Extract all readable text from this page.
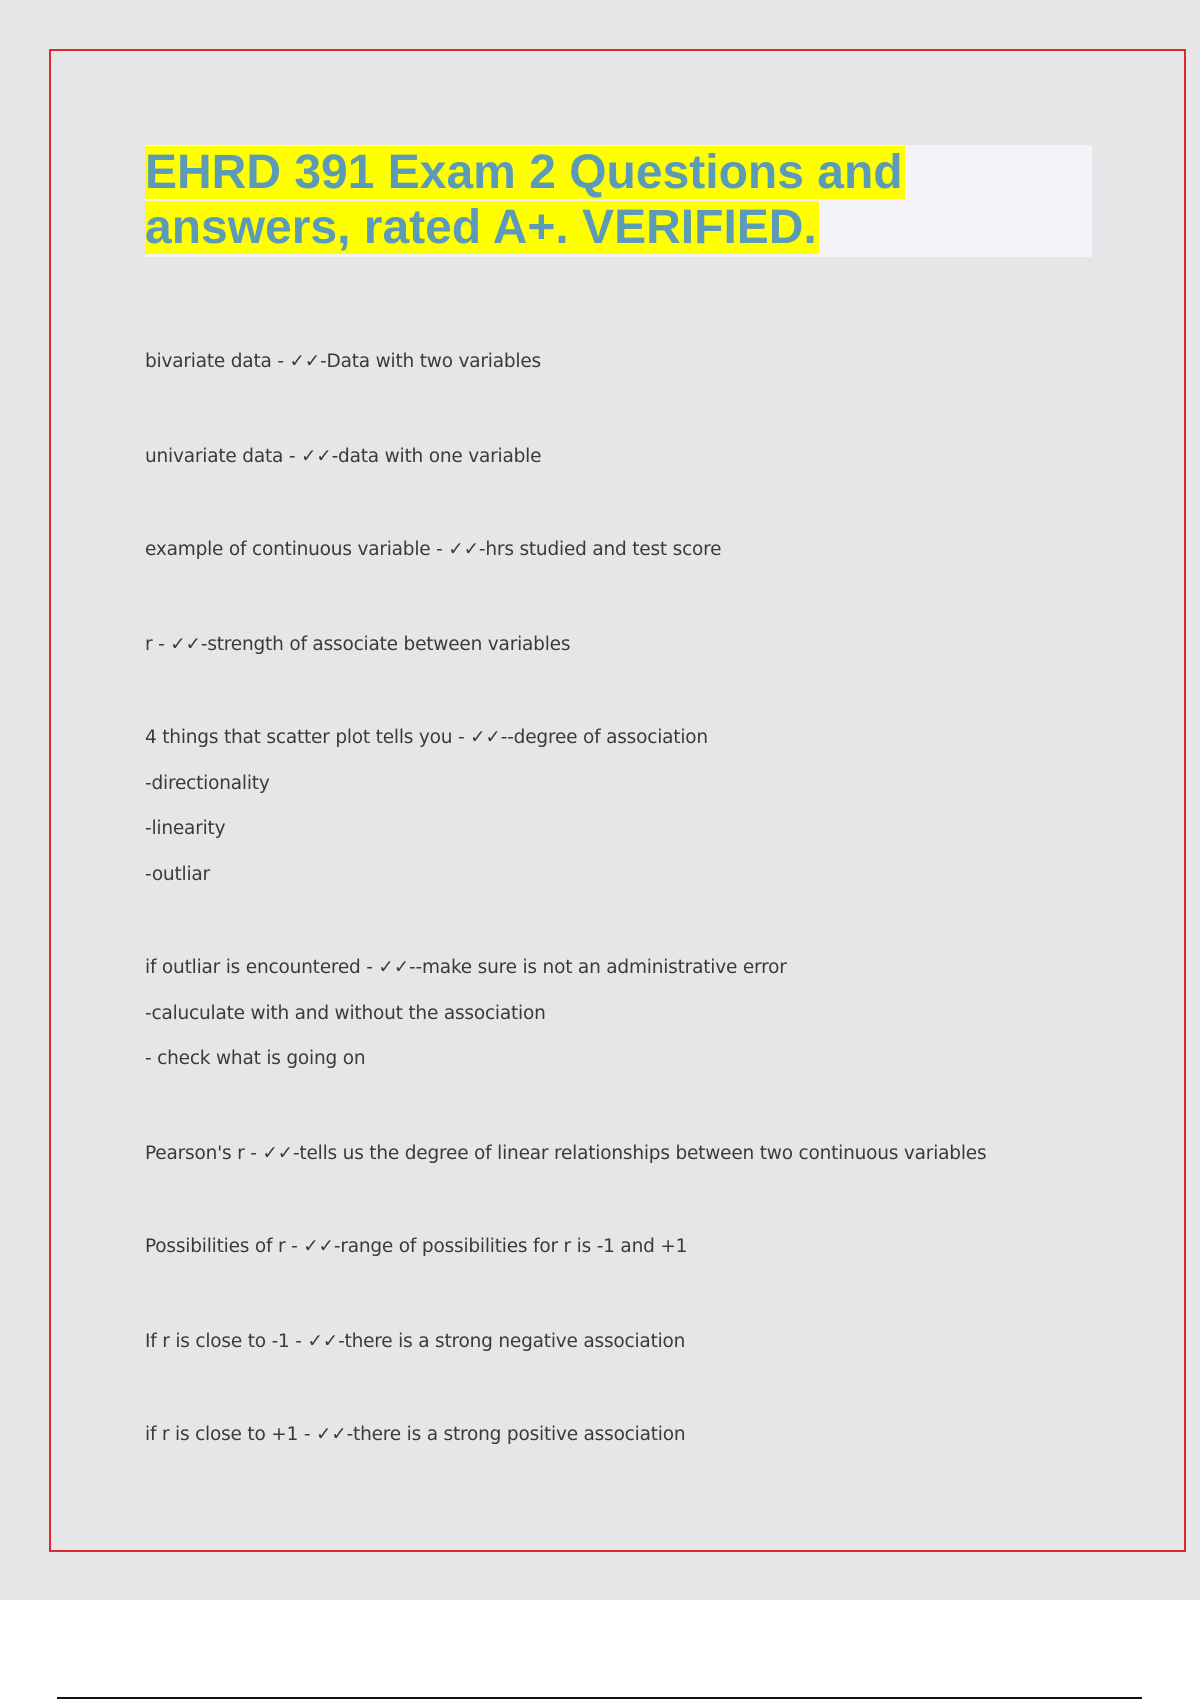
EHRD 391 Exam 2 Questions and answers, rated A+. VERIFIED.
bivariate data - ✓✓-Data with two variables
univariate data - ✓✓-data with one variable
example of continuous variable - ✓✓-hrs studied and test score
r - ✓✓-strength of associate between variables
4 things that scatter plot tells you - ✓✓--degree of association
-directionality
-linearity
-outliar
if outliar is encountered - ✓✓--make sure is not an administrative error
-caluculate with and without the association
- check what is going on
Pearson's r - ✓✓-tells us the degree of linear relationships between two continuous variables
Possibilities of r - ✓✓-range of possibilities for r is -1 and +1
If r is close to -1 - ✓✓-there is a strong negative association
if r is close to +1 - ✓✓-there is a strong positive association
